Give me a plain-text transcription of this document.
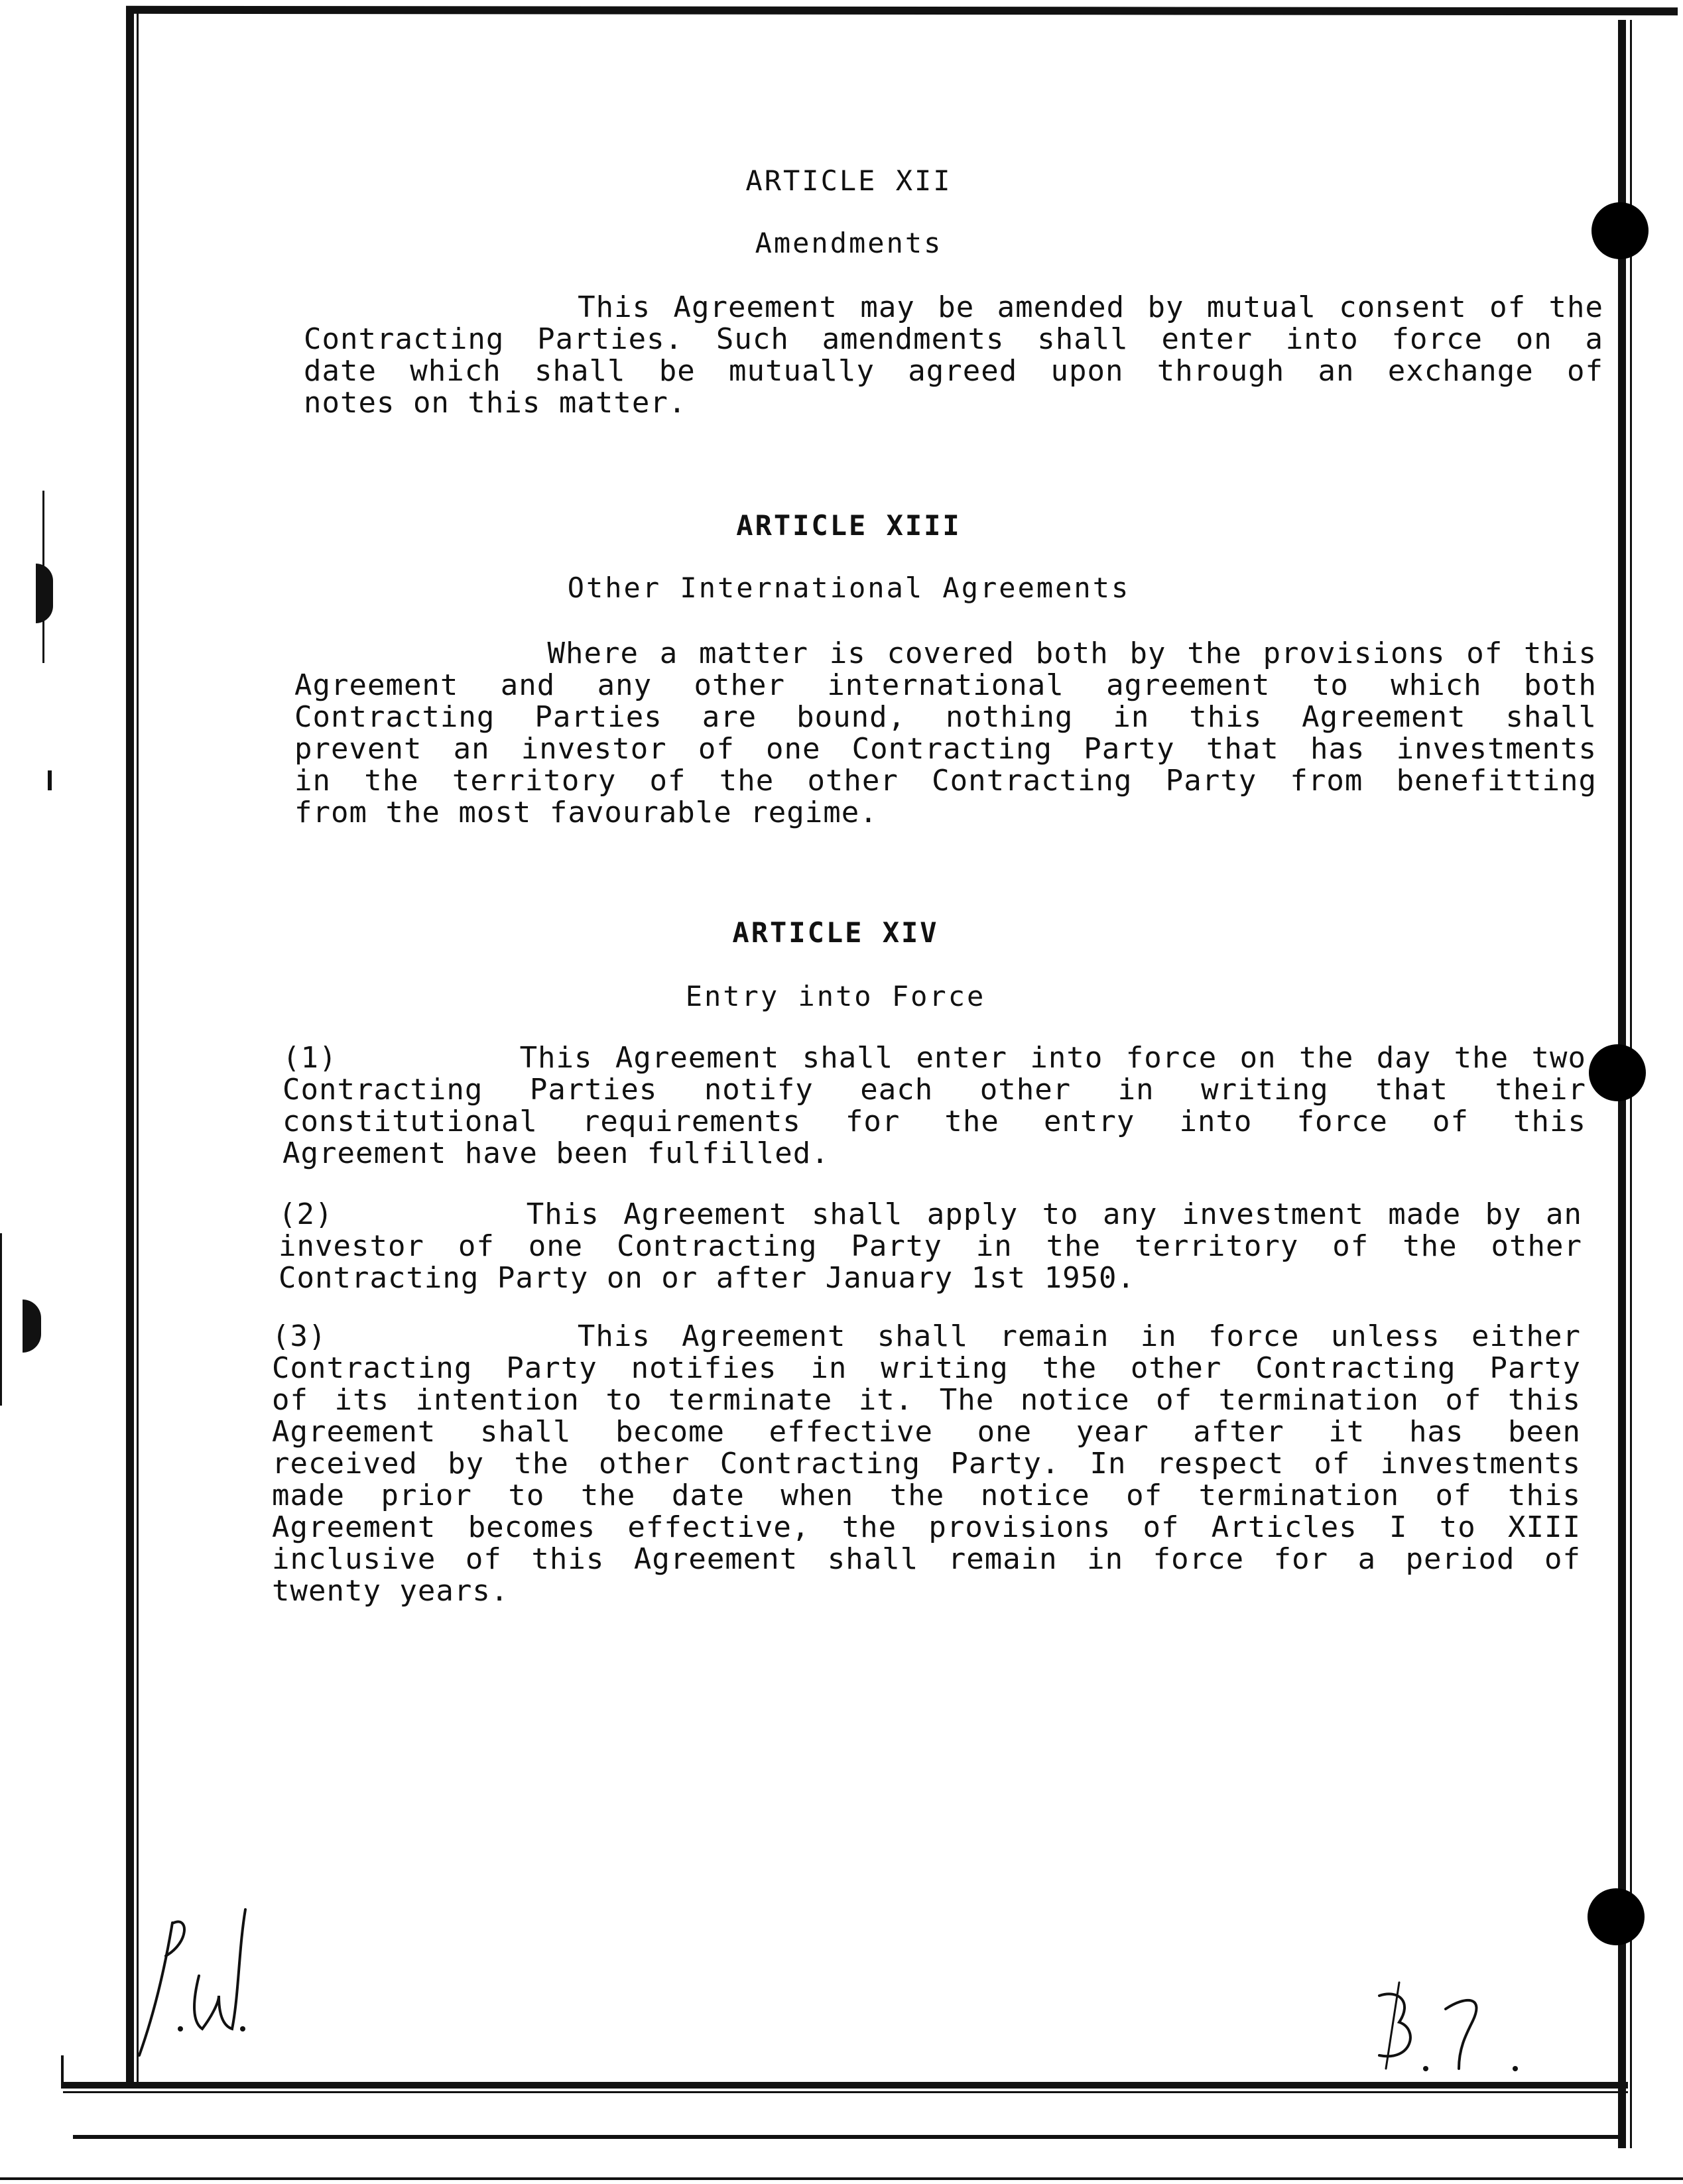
ARTICLE XII
Amendments
This Agreement may be amended by mutual consent of the
Contracting Parties. Such amendments shall enter into force on a
date which shall be mutually agreed upon through an exchange of
notes on this matter.
ARTICLE XIII
Other International Agreements
Where a matter is covered both by the provisions of this
Agreement and any other international agreement to which both
Contracting Parties are bound, nothing in this Agreement shall
prevent an investor of one Contracting Party that has investments
in the territory of the other Contracting Party from benefitting
from the most favourable regime.
ARTICLE XIV
Entry into Force
(1)        This Agreement shall enter into force on the day the two
Contracting Parties notify each other in writing that their
constitutional requirements for the entry into force of this
Agreement have been fulfilled.
(2)        This Agreement shall apply to any investment made by an
investor of one Contracting Party in the territory of the other
Contracting Party on or after January 1st 1950.
(3)        This Agreement shall remain in force unless either
Contracting Party notifies in writing the other Contracting Party
of its intention to terminate it. The notice of termination of this
Agreement shall become effective one year after it has been
received by the other Contracting Party. In respect of investments
made prior to the date when the notice of termination of this
Agreement becomes effective, the provisions of Articles I to XIII
inclusive of this Agreement shall remain in force for a period of
twenty years.
